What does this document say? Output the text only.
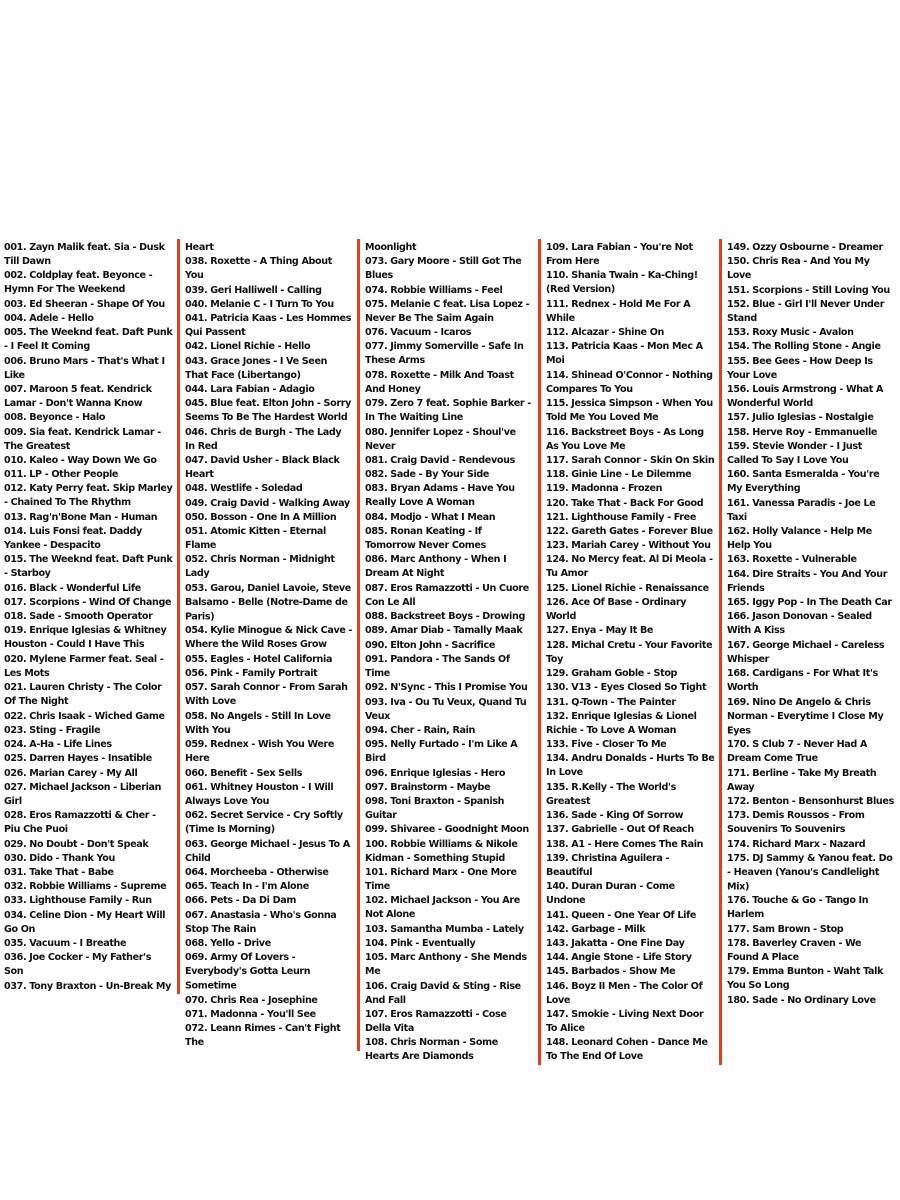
001. Zayn Malik feat. Sia - Dusk Till Dawn
002. Coldplay feat. Beyonce - Hymn For The Weekend
003. Ed Sheeran - Shape Of You
004. Adele - Hello
005. The Weeknd feat. Daft Punk - I Feel It Coming
006. Bruno Mars - That's What I Like
007. Maroon 5 feat. Kendrick Lamar - Don't Wanna Know
008. Beyonce - Halo
009. Sia feat. Kendrick Lamar - The Greatest
010. Kaleo - Way Down We Go
011. LP - Other People
012. Katy Perry feat. Skip Marley - Chained To The Rhythm
013. Rag'n'Bone Man - Human
014. Luis Fonsi feat. Daddy Yankee - Despacito
015. The Weeknd feat. Daft Punk - Starboy
016. Black - Wonderful Life
017. Scorpions - Wind Of Change
018. Sade - Smooth Operator
019. Enrique Iglesias & Whitney Houston - Could I Have This
020. Mylene Farmer feat. Seal - Les Mots
021. Lauren Christy - The Color Of The Night
022. Chris Isaak - Wiched Game
023. Sting - Fragile
024. A-Ha - Life Lines
025. Darren Hayes - Insatible
026. Marian Carey - My All
027. Michael Jackson - Liberian Girl
028. Eros Ramazzotti & Cher - Piu Che Puoi
029. No Doubt - Don't Speak
030. Dido - Thank You
031. Take That - Babe
032. Robbie Williams - Supreme
033. Lighthouse Family - Run
034. Celine Dion - My Heart Will Go On
035. Vacuum - I Breathe
036. Joe Cocker - My Father's Son
037. Tony Braxton - Un-Break My
Heart
038. Roxette - A Thing About You
039. Geri Halliwell - Calling
040. Melanie C - I Turn To You
041. Patricia Kaas - Les Hommes Qui Passent
042. Lionel Richie - Hello
043. Grace Jones - I Ve Seen That Face (Libertango)
044. Lara Fabian - Adagio
045. Blue feat. Elton John - Sorry Seems To Be The Hardest World
046. Chris de Burgh - The Lady In Red
047. David Usher - Black Black Heart
048. Westlife - Soledad
049. Craig David - Walking Away
050. Bosson - One In A Million
051. Atomic Kitten - Eternal Flame
052. Chris Norman - Midnight Lady
053. Garou, Daniel Lavoie, Steve Balsamo - Belle (Notre-Dame de Paris)
054. Kylie Minogue & Nick Cave - Where the Wild Roses Grow
055. Eagles - Hotel California
056. Pink - Family Portrait
057. Sarah Connor - From Sarah With Love
058. No Angels - Still In Love With You
059. Rednex - Wish You Were Here
060. Benefit - Sex Sells
061. Whitney Houston - I Will Always Love You
062. Secret Service - Cry Softly (Time Is Morning)
063. George Michael - Jesus To A Child
064. Morcheeba - Otherwise
065. Teach In - I'm Alone
066. Pets - Da Di Dam
067. Anastasia - Who's Gonna Stop The Rain
068. Yello - Drive
069. Army Of Lovers - Everybody's Gotta Leurn Sometime
070. Chris Rea - Josephine
071. Madonna - You'll See
072. Leann Rimes - Can't Fight The
Moonlight
073. Gary Moore - Still Got The Blues
074. Robbie Williams - Feel
075. Melanie C feat. Lisa Lopez - Never Be The Saim Again
076. Vacuum - Icaros
077. Jimmy Somerville - Safe In These Arms
078. Roxette - Milk And Toast And Honey
079. Zero 7 feat. Sophie Barker - In The Waiting Line
080. Jennifer Lopez - Shoul've Never
081. Craig David - Rendevous
082. Sade - By Your Side
083. Bryan Adams - Have You Really Love A Woman
084. Modjo - What I Mean
085. Ronan Keating - If Tomorrow Never Comes
086. Marc Anthony - When I Dream At Night
087. Eros Ramazzotti - Un Cuore Con Le All
088. Backstreet Boys - Drowing
089. Amar Diab - Tamally Maak
090. Elton John - Sacrifice
091. Pandora - The Sands Of Time
092. N'Sync - This I Promise You
093. Iva - Ou Tu Veux, Quand Tu Veux
094. Cher - Rain, Rain
095. Nelly Furtado - I'm Like A Bird
096. Enrique Iglesias - Hero
097. Brainstorm - Maybe
098. Toni Braxton - Spanish Guitar
099. Shivaree - Goodnight Moon
100. Robbie Williams & Nikole Kidman - Something Stupid
101. Richard Marx - One More Time
102. Michael Jackson - You Are Not Alone
103. Samantha Mumba - Lately
104. Pink - Eventually
105. Marc Anthony - She Mends Me
106. Craig David & Sting - Rise And Fall
107. Eros Ramazzotti - Cose Della Vita
108. Chris Norman - Some Hearts Are Diamonds
109. Lara Fabian - You're Not From Here
110. Shania Twain - Ka-Ching! (Red Version)
111. Rednex - Hold Me For A While
112. Alcazar - Shine On
113. Patricia Kaas - Mon Mec A Moi
114. Shinead O'Connor - Nothing Compares To You
115. Jessica Simpson - When You Told Me You Loved Me
116. Backstreet Boys - As Long As You Love Me
117. Sarah Connor - Skin On Skin
118. Ginie Line - Le Dilemme
119. Madonna - Frozen
120. Take That - Back For Good
121. Lighthouse Family - Free
122. Gareth Gates - Forever Blue
123. Mariah Carey - Without You
124. No Mercy feat. Al Di Meola - Tu Amor
125. Lionel Richie - Renaissance
126. Ace Of Base - Ordinary World
127. Enya - May It Be
128. Michal Cretu - Your Favorite Toy
129. Graham Goble - Stop
130. V13 - Eyes Closed So Tight
131. Q-Town - The Painter
132. Enrique Iglesias & Lionel Richie - To Love A Woman
133. Five - Closer To Me
134. Andru Donalds - Hurts To Be In Love
135. R.Kelly - The World's Greatest
136. Sade - King Of Sorrow
137. Gabrielle - Out Of Reach
138. A1 - Here Comes The Rain
139. Christina Aguilera - Beautiful
140. Duran Duran - Come Undone
141. Queen - One Year Of Life
142. Garbage - Milk
143. Jakatta - One Fine Day
144. Angie Stone - Life Story
145. Barbados - Show Me
146. Boyz II Men - The Color Of Love
147. Smokie - Living Next Door To Alice
148. Leonard Cohen - Dance Me To The End Of Love
149. Ozzy Osbourne - Dreamer
150. Chris Rea - And You My Love
151. Scorpions - Still Loving You
152. Blue - Girl I'll Never Under Stand
153. Roxy Music - Avalon
154. The Rolling Stone - Angie
155. Bee Gees - How Deep Is Your Love
156. Louis Armstrong - What A Wonderful World
157. Julio Iglesias - Nostalgie
158. Herve Roy - Emmanuelle
159. Stevie Wonder - I Just Called To Say I Love You
160. Santa Esmeralda - You're My Everything
161. Vanessa Paradis - Joe Le Taxi
162. Holly Valance - Help Me Help You
163. Roxette - Vulnerable
164. Dire Straits - You And Your Friends
165. Iggy Pop - In The Death Car
166. Jason Donovan - Sealed With A Kiss
167. George Michael - Careless Whisper
168. Cardigans - For What It's Worth
169. Nino De Angelo & Chris Norman - Everytime I Close My Eyes
170. S Club 7 - Never Had A Dream Come True
171. Berline - Take My Breath Away
172. Benton - Bensonhurst Blues
173. Demis Roussos - From Souvenirs To Souvenirs
174. Richard Marx - Nazard
175. DJ Sammy & Yanou feat. Do - Heaven (Yanou's Candlelight Mix)
176. Touche & Go - Tango In Harlem
177. Sam Brown - Stop
178. Baverley Craven - We Found A Place
179. Emma Bunton - Waht Talk You So Long
180. Sade - No Ordinary Love
